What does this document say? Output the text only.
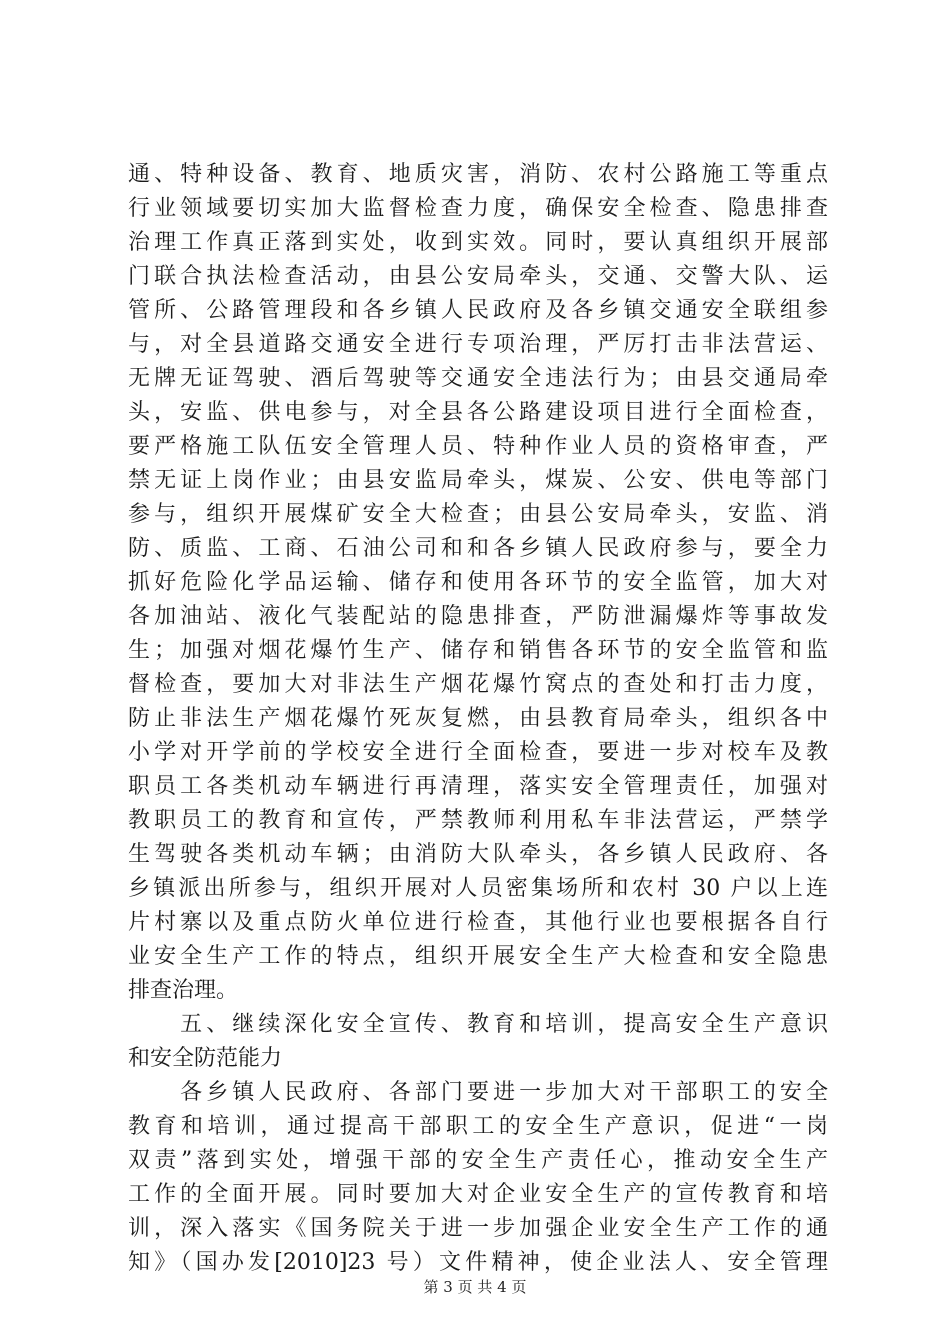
通、特种设备、教育、地质灾害，消防、农村公路施工等重点
行业领域要切实加大监督检查力度，确保安全检查、隐患排查
治理工作真正落到实处，收到实效。同时，要认真组织开展部
门联合执法检查活动，由县公安局牵头，交通、交警大队、运
管所、公路管理段和各乡镇人民政府及各乡镇交通安全联组参
与，对全县道路交通安全进行专项治理，严厉打击非法营运、
无牌无证驾驶、酒后驾驶等交通安全违法行为；由县交通局牵
头，安监、供电参与，对全县各公路建设项目进行全面检查，
要严格施工队伍安全管理人员、特种作业人员的资格审查，严
禁无证上岗作业；由县安监局牵头，煤炭、公安、供电等部门
参与，组织开展煤矿安全大检查；由县公安局牵头，安监、消
防、质监、工商、石油公司和和各乡镇人民政府参与，要全力
抓好危险化学品运输、储存和使用各环节的安全监管，加大对
各加油站、液化气装配站的隐患排查，严防泄漏爆炸等事故发
生；加强对烟花爆竹生产、储存和销售各环节的安全监管和监
督检查，要加大对非法生产烟花爆竹窝点的查处和打击力度，
防止非法生产烟花爆竹死灰复燃，由县教育局牵头，组织各中
小学对开学前的学校安全进行全面检查，要进一步对校车及教
职员工各类机动车辆进行再清理，落实安全管理责任，加强对
教职员工的教育和宣传，严禁教师利用私车非法营运，严禁学
生驾驶各类机动车辆；由消防大队牵头，各乡镇人民政府、各
乡镇派出所参与，组织开展对人员密集场所和农村 30 户以上连
片村寨以及重点防火单位进行检查，其他行业也要根据各自行
业安全生产工作的特点，组织开展安全生产大检查和安全隐患
排查治理。
　　五、继续深化安全宣传、教育和培训，提高安全生产意识
和安全防范能力
　　各乡镇人民政府、各部门要进一步加大对干部职工的安全
教育和培训，通过提高干部职工的安全生产意识，促进“一岗
双责”落到实处，增强干部的安全生产责任心，推动安全生产
工作的全面开展。同时要加大对企业安全生产的宣传教育和培
训，深入落实《国务院关于进一步加强企业安全生产工作的通
知》（国办发[2010]23 号）文件精神，使企业法人、安全管理
第 3 页 共 4 页
